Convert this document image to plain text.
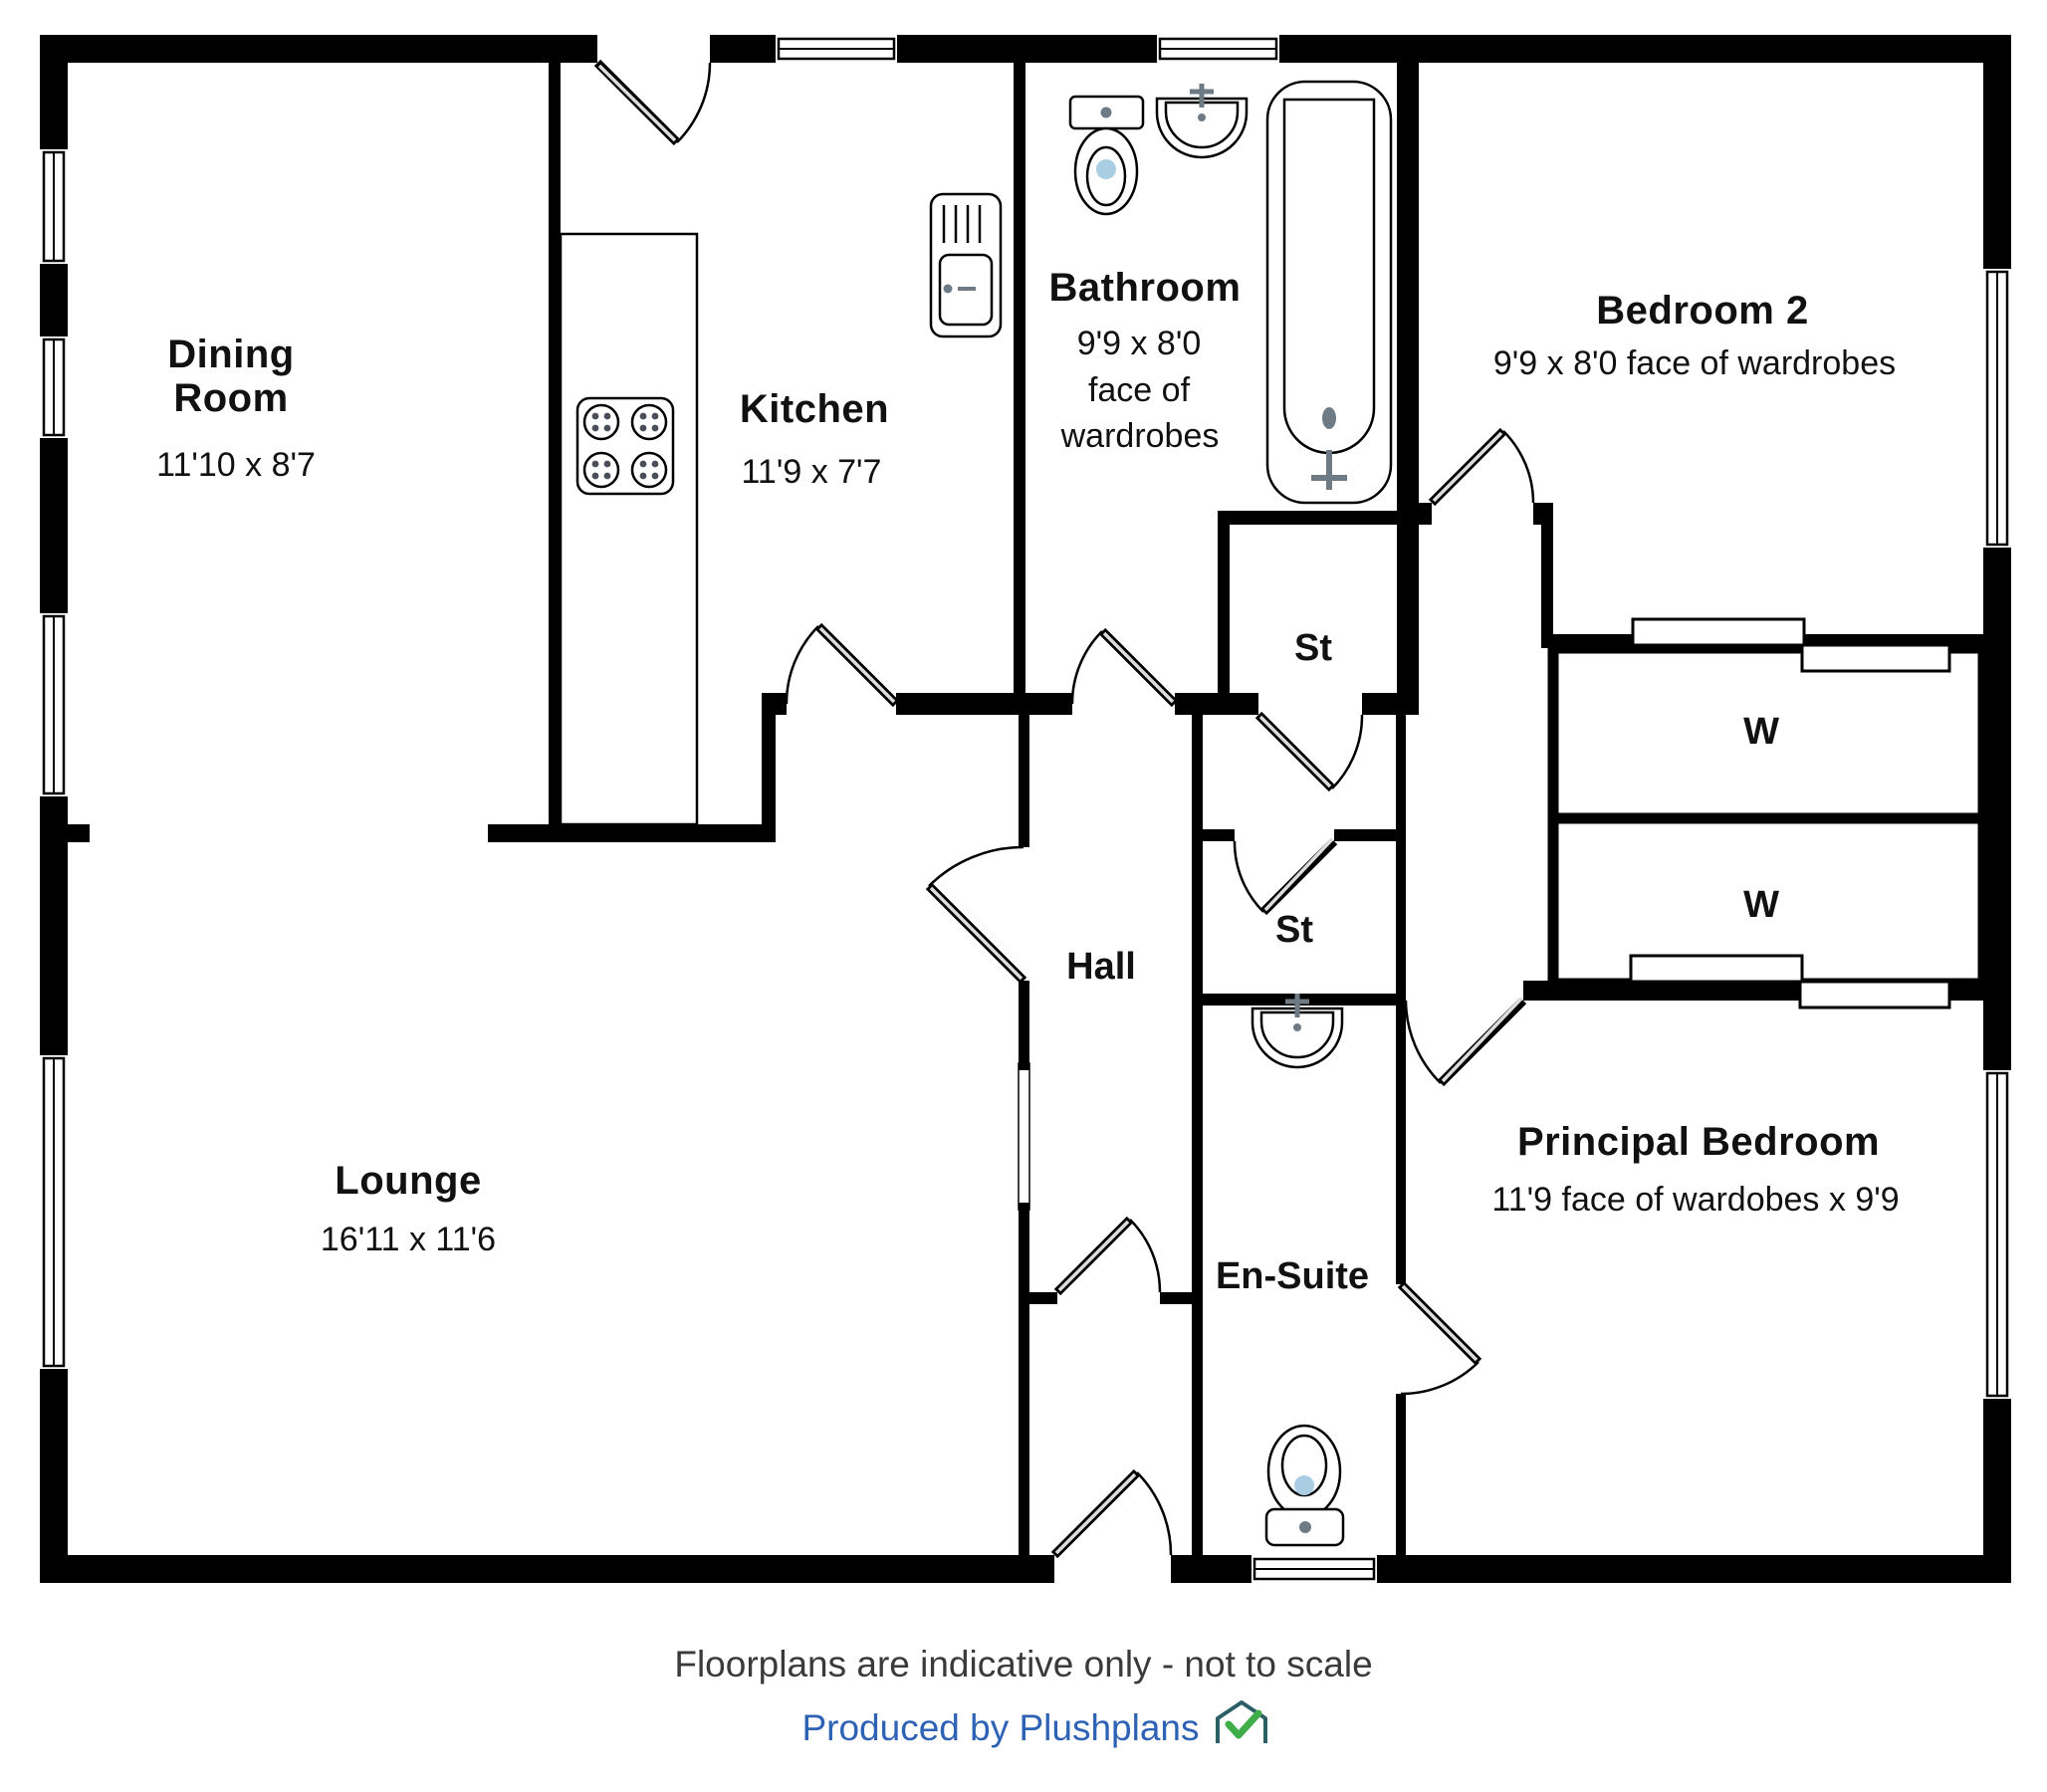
Dining
Room
11'10 x 8'7
Kitchen
11'9 x 7'7
Bathroom
9'9 x 8'0
face of
wardrobes
Bedroom 2
9'9 x 8'0 face of wardrobes
St
St
Hall
W
W
En-Suite
Lounge
16'11 x 11'6
Principal Bedroom
11'9 face of wardobes x 9'9
Floorplans are indicative only - not to scale
Produced by Plushplans
